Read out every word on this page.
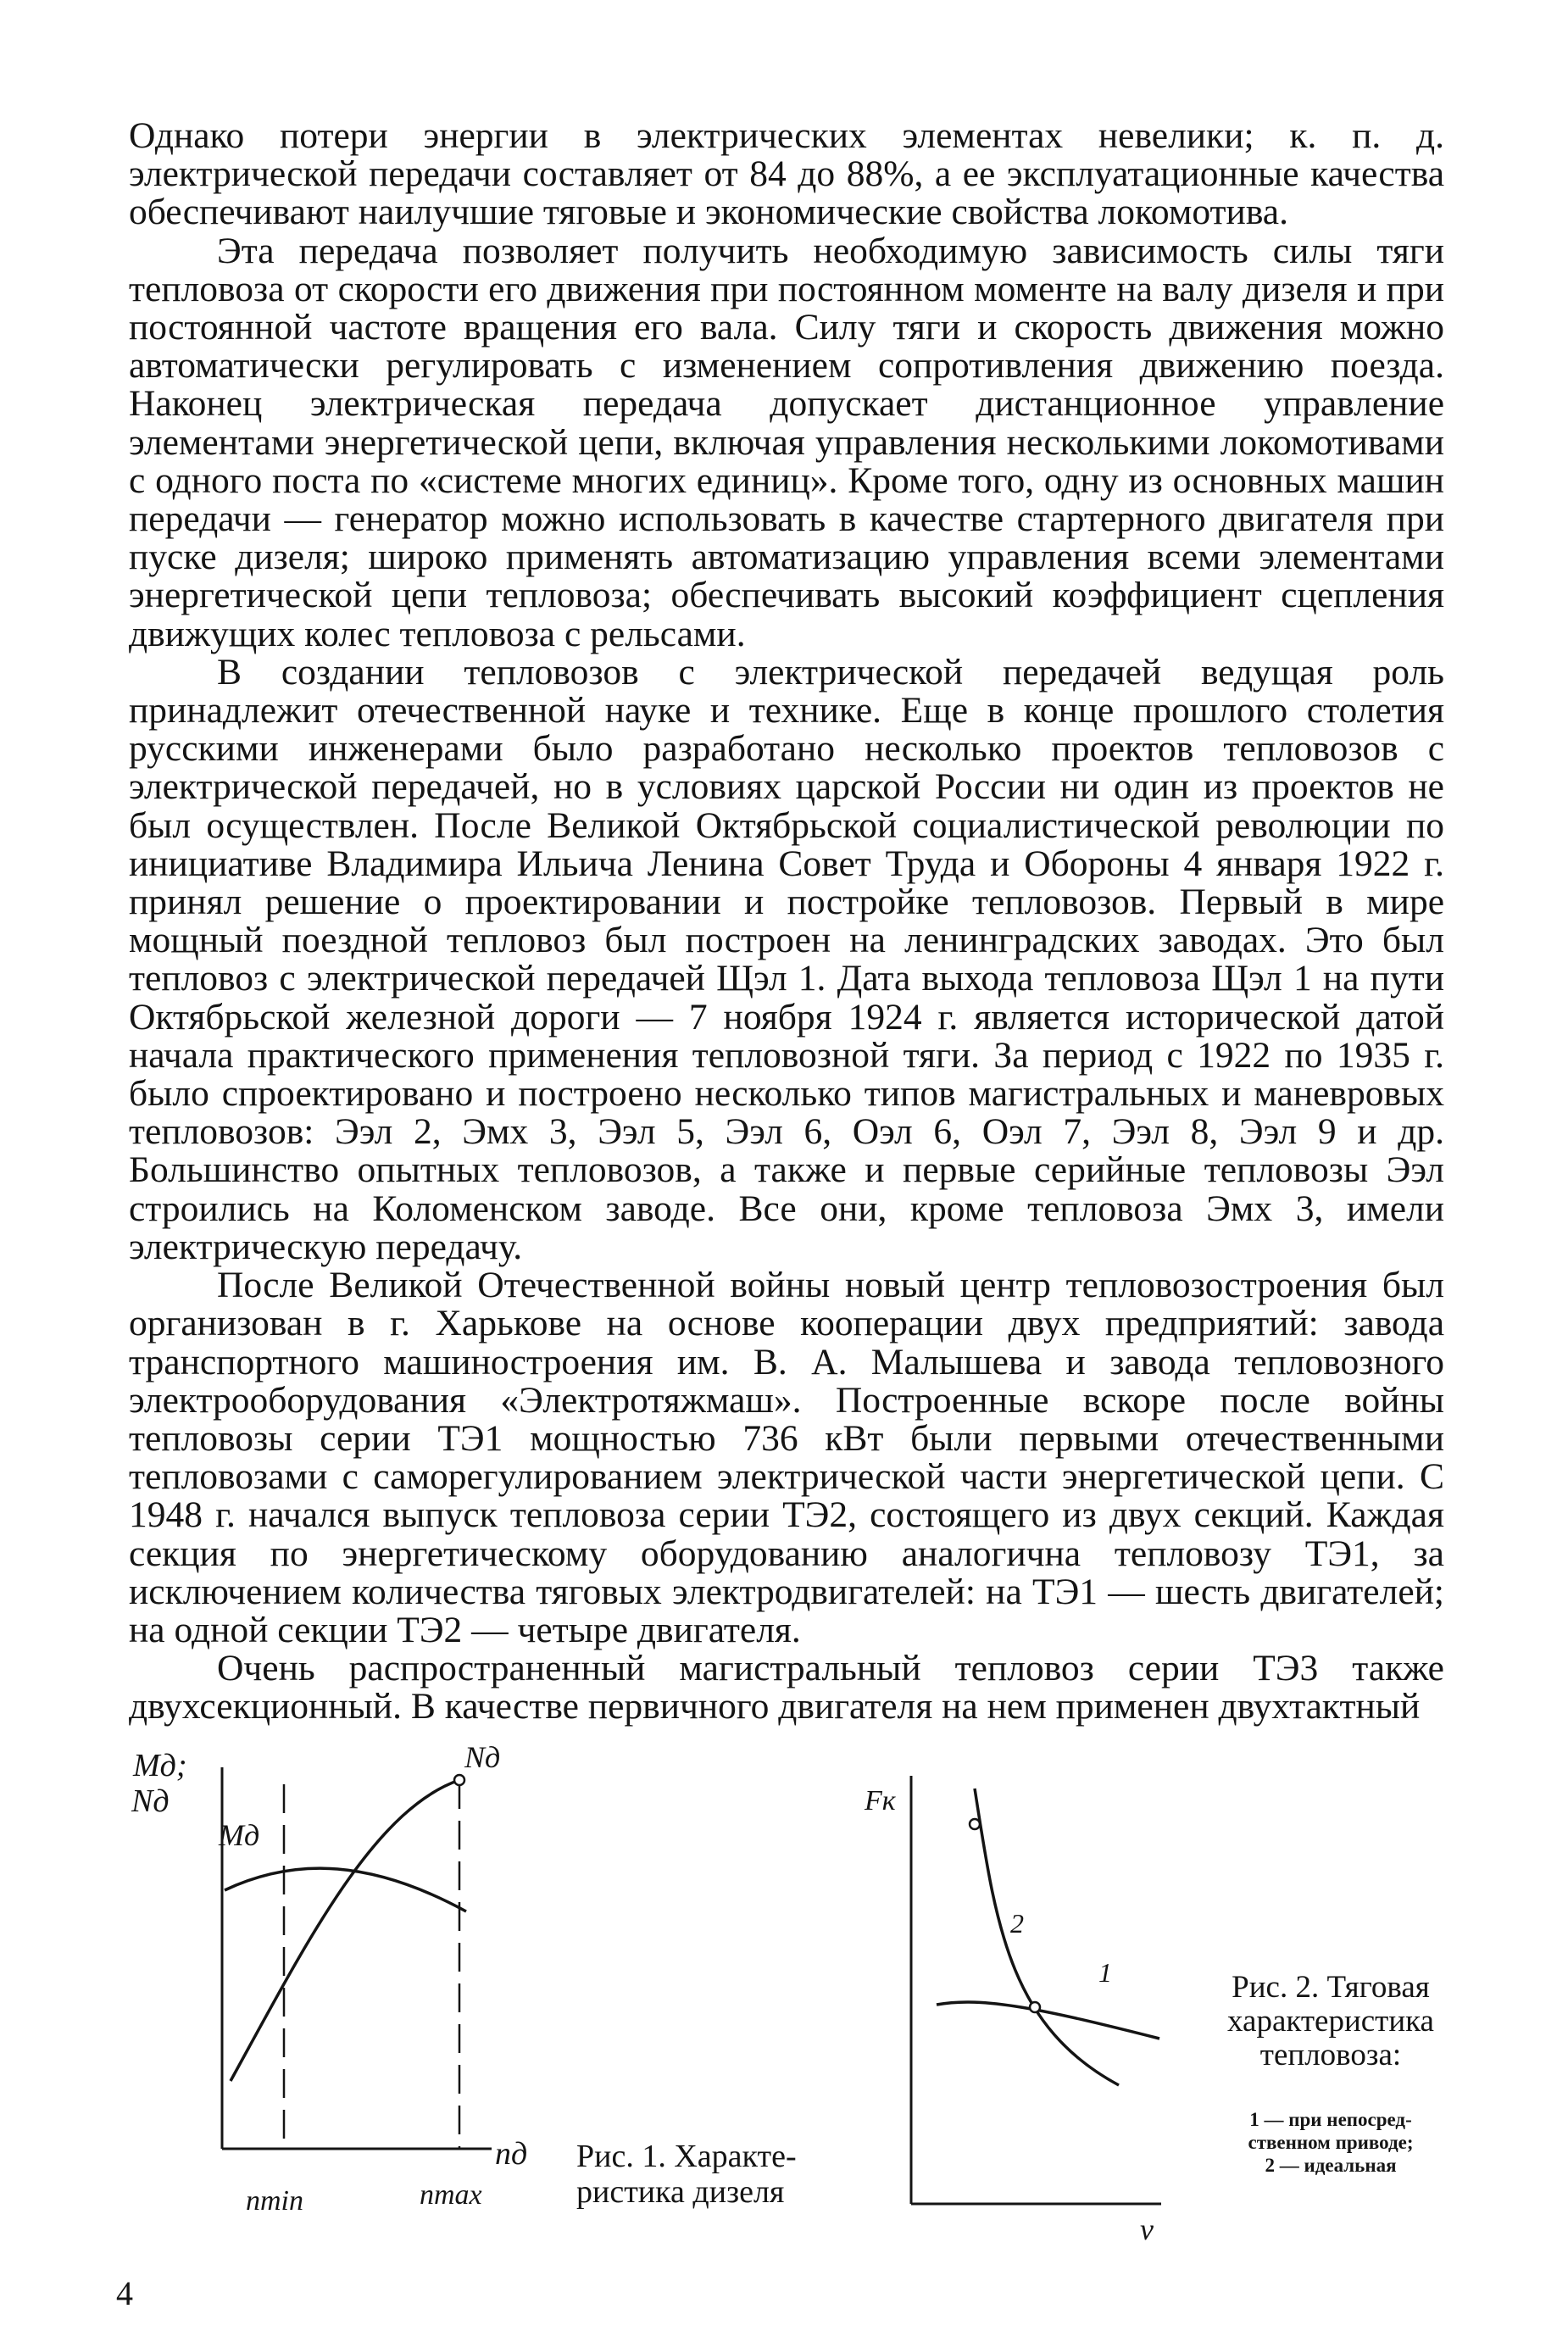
Однако потери энергии в электрических элементах невелики; к. п. д. электрической передачи составляет от 84 до 88%, а ее эксплуатационные качества обеспечивают наилучшие тяговые и экономические свойства локомотива.

Эта передача позволяет получить необходимую зависимость силы тяги тепловоза от скорости его движения при постоянном моменте на валу дизеля и при постоянной частоте вращения его вала. Силу тяги и скорость движения можно автоматически регулировать с изменением сопротивления движению поезда. Наконец электрическая передача допускает дистанционное управление элементами энергетической цепи, включая управления несколькими локомотивами с одного поста по «системе многих единиц». Кроме того, одну из основных машин передачи — генератор можно использовать в качестве стартерного двигателя при пуске дизеля; широко применять автоматизацию управления всеми элементами энергетической цепи тепловоза; обеспечивать высокий коэффициент сцепления движущих колес тепловоза с рельсами.

В создании тепловозов с электрической передачей ведущая роль принадлежит отечественной науке и технике. Еще в конце прошлого столетия русскими инженерами было разработано несколько проектов тепловозов с электрической передачей, но в условиях царской России ни один из проектов не был осуществлен. После Великой Октябрьской социалистической революции по инициативе Владимира Ильича Ленина Совет Труда и Обороны 4 января 1922 г. принял решение о проектировании и постройке тепловозов. Первый в мире мощный поездной тепловоз был построен на ленинградских заводах. Это был тепловоз с электрической передачей Щэл 1. Дата выхода тепловоза Щэл 1 на пути Октябрьской железной дороги — 7 ноября 1924 г. является исторической датой начала практического применения тепловозной тяги. За период с 1922 по 1935 г. было спроектировано и построено несколько типов магистральных и маневровых тепловозов: Ээл 2, Эмх 3, Ээл 5, Ээл 6, Оэл 6, Оэл 7, Ээл 8, Ээл 9 и др. Большинство опытных тепловозов, а также и первые серийные тепловозы Ээл строились на Коломенском заводе. Все они, кроме тепловоза Эмх 3, имели электрическую передачу.

После Великой Отечественной войны новый центр тепловозостроения был организован в г. Харькове на основе кооперации двух предприятий: завода транспортного машиностроения им. В. А. Малышева и завода тепловозного электрооборудования «Электротяжмаш». Построенные вскоре после войны тепловозы серии ТЭ1 мощностью 736 кВт были первыми отечественными тепловозами с саморегулированием электрической части энергетической цепи. С 1948 г. начался выпуск тепловоза серии ТЭ2, состоящего из двух секций. Каждая секция по энергетическому оборудованию аналогична тепловозу ТЭ1, за исключением количества тяговых электродвигателей: на ТЭ1 — шесть двигателей; на одной секции ТЭ2 — четыре двигателя.

Очень распространенный магистральный тепловоз серии ТЭ3 также двухсекционный. В качестве первичного двигателя на нем применен двухтактный

Mд;
Nд
Nд
Mд
nд
nmin	nmax
Рис. 1. Характе-
ристика дизеля
Fк
2
1
v
Рис. 2. Тяговая
характеристика
тепловоза:
1 — при непосред-
ственном приводе;
2 — идеальная
4
